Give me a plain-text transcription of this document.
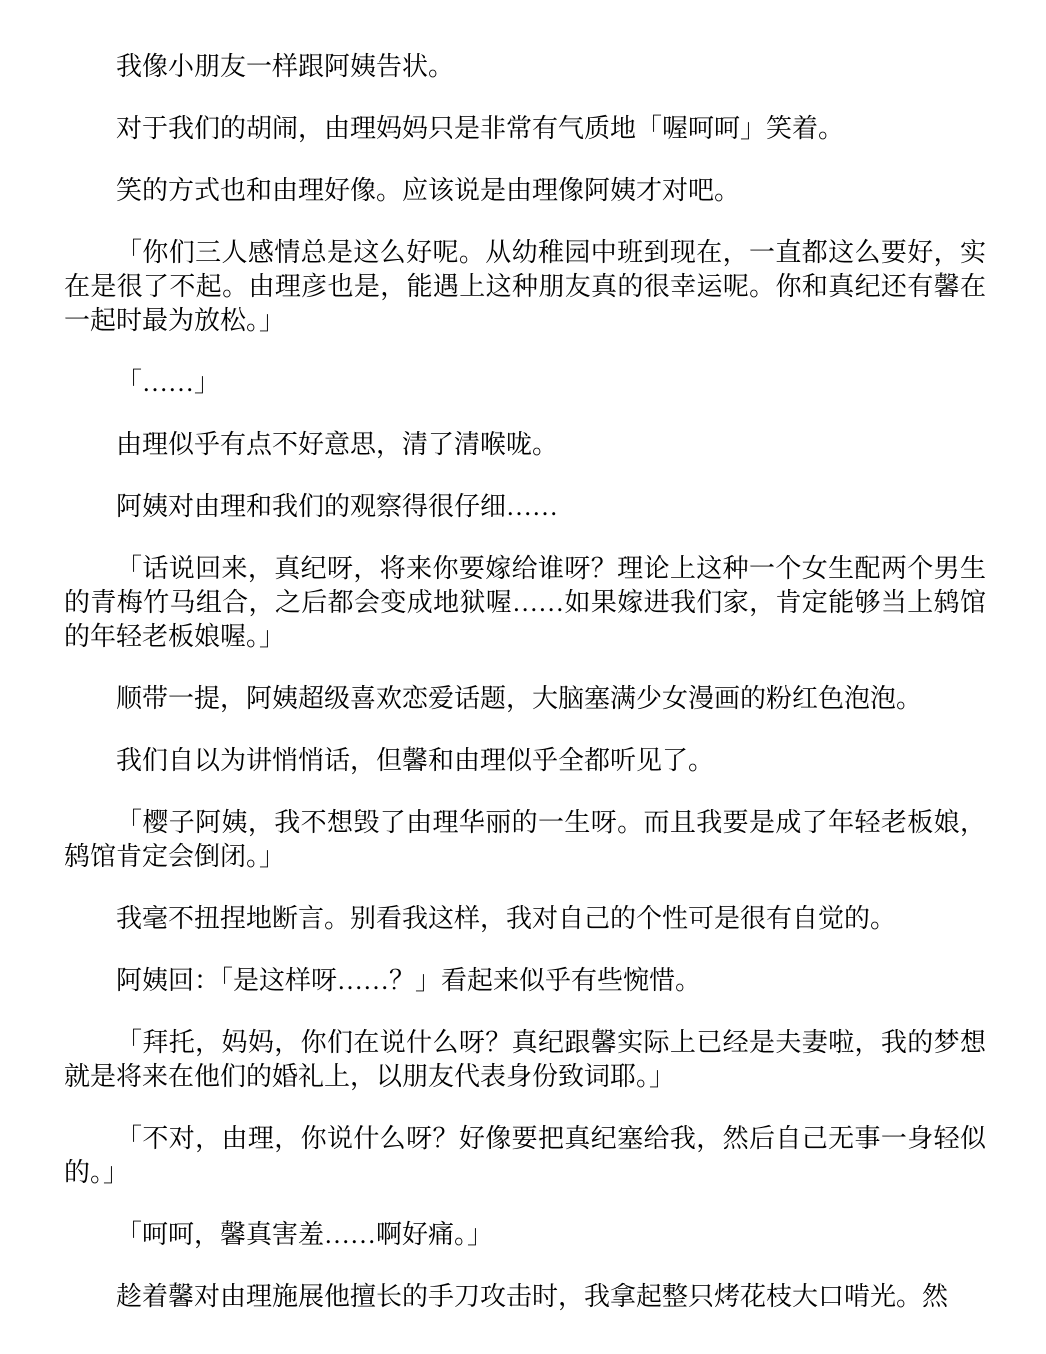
我像小朋友一样跟阿姨告状。

对于我们的胡闹，由理妈妈只是非常有气质地「喔呵呵」笑着。

笑的方式也和由理好像。应该说是由理像阿姨才对吧。

「你们三人感情总是这么好呢。从幼稚园中班到现在，一直都这么要好，实在是很了不起。由理彦也是，能遇上这种朋友真的很幸运呢。你和真纪还有馨在一起时最为放松。」

「……」

由理似乎有点不好意思，清了清喉咙。

阿姨对由理和我们的观察得很仔细……

「话说回来，真纪呀，将来你要嫁给谁呀？理论上这种一个女生配两个男生的青梅竹马组合，之后都会变成地狱喔……如果嫁进我们家，肯定能够当上鸫馆的年轻老板娘喔。」

顺带一提，阿姨超级喜欢恋爱话题，大脑塞满少女漫画的粉红色泡泡。

我们自以为讲悄悄话，但馨和由理似乎全都听见了。

「樱子阿姨，我不想毁了由理华丽的一生呀。而且我要是成了年轻老板娘，鸫馆肯定会倒闭。」

我毫不扭捏地断言。别看我这样，我对自己的个性可是很有自觉的。

阿姨回：「是这样呀……？」看起来似乎有些惋惜。

「拜托，妈妈，你们在说什么呀？真纪跟馨实际上已经是夫妻啦，我的梦想就是将来在他们的婚礼上，以朋友代表身份致词耶。」

「不对，由理，你说什么呀？好像要把真纪塞给我，然后自己无事一身轻似的。」

「呵呵，馨真害羞……啊好痛。」

趁着馨对由理施展他擅长的手刀攻击时，我拿起整只烤花枝大口啃光。然
